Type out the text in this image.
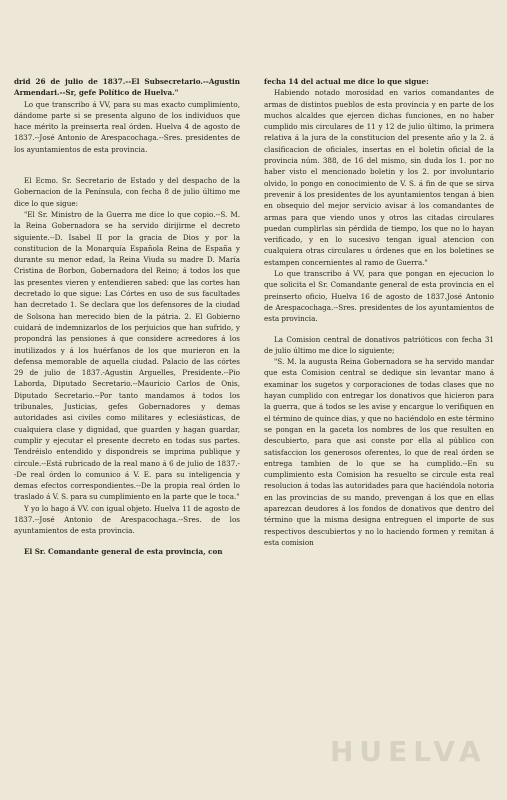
drid 26 de julio de 1837.--El Subsecretario.--Agustin Armendari.--Sr, gefe Político de Huelva."

Lo que transcribo á VV, para su mas exacto cumplimiento, dándome parte si se presenta alguno de los individuos que hace mérito la preinserta real órden. Huelva 4 de agosto de 1837.--José Antonio de Arespacochaga.--Sres. presidentes de los ayuntamientos de esta provincia.

El Ecmo. Sr. Secretario de Estado y del despacho de la Gobernacion de la Península, con fecha 8 de julio último me dice lo que sigue:

"El Sr. Ministro de la Guerra me dice lo que copio.--S. M. la Reina Gobernadora se ha servido dirijirme el decreto siguiente.--D. Isabel II por la gracia de Dios y por la constitucion de la Monarquía Española Reina de España y durante su menor edad, la Reina Viuda su madre D. María Cristina de Borbon, Gobernadora del Reino; á todos los que las presentes vieren y entendieren sabed: que las cortes han decretado lo que sigue: Las Córtes en uso de sus facultades han decretado 1. Se declara que los defensores de la ciudad de Solsona han merecido bien de la pátria. 2. El Gobierno cuidará de indemnizarlos de los perjuicios que han sufrido, y propondrá las pensiones á que considere acreedores á los inutilizados y á los huérfanos de los que murieron en la defensa memorable de aquella ciudad. Palacio de las córtes 29 de julio de 1837.-Agustin Arguelles, Presidente.--Pio Laborda, Diputado Secretario.--Mauricio Carlos de Onis, Diputado Secretario.--Por tanto mandamos á todos los tribunales, Justicias, gefes Gobernadores y demas autoridades asi civiles como militares y eclesiásticas, de cualquiera clase y dignidad, que guarden y hagan guardar, cumplir y ejecutar el presente decreto en todas sus partes. Tendréislo entendido y dispondreis se imprima publique y circule.--Está rubricado de la real mano á 6 de julio de 1837.--De real órden lo comunico á V. E. para su inteligencia y demas efectos correspondientes.--De la propia real órden lo traslado á V. S. para su cumplimiento en la parte que le toca."

Y yo lo hago á VV. con igual objeto. Huelva 11 de agosto de 1837.--José Antonio de Arespacochaga.--Sres. de los ayuntamientos de esta provincia.

El Sr. Comandante general de esta provincia, con

fecha 14 del actual me dice lo que sigue:

Habiendo notado morosidad en varios comandantes de armas de distintos pueblos de esta provincia y en parte de los muchos alcaldes que ejercen dichas funciones, en no haber cumplido mis circulares de 11 y 12 de julio último, la primera relativa á la jura de la constitucion del presente año y la 2. á clasificacion de oficiales, insertas en el boletin oficial de la provincia núm. 388, de 16 del mismo, sin duda los 1. por no haber visto el mencionado boletin y los 2. por involuntario olvido, lo pongo en conocimiento de V. S. á fin de que se sirva prevenir á los presidentes de los ayuntamientos tengan á bien en obsequio del mejor servicio avisar á los comandantes de armas para que viendo unos y otros las citadas circulares puedan cumplirlas sin pérdida de tiempo, los que no lo hayan verificado, y en lo sucesivo tengan igual atencion con cualquiera otras circulares u órdenes que en los boletines se estampen concernientes al ramo de Guerra."

Lo que transcribo á VV, para que pongan en ejecucion lo que solicita el Sr. Comandante general de esta provincia en el preinserto oficio, Huelva 16 de agosto de 1837.José Antonio de Arespacochaga.--Sres. presidentes de los ayuntamientos de esta provincia.

La Comision central de donativos patrióticos con fecha 31 de julio último me dice lo siguiente;

"S. M. la augusta Reina Gobernadora se ha servido mandar que esta Comision central se dedique sin levantar mano á examinar los sugetos y corporaciones de todas clases que no hayan cumplido con entregar los donativos que hicieron para la guerra, que á todos se les avise y encargue lo verifiquen en el término de quince dias, y que no haciéndolo en este término se pongan en la gaceta los nombres de los que resulten en descubierto, para que asi conste por ella al público con satisfaccion los generosos oferentes, lo que de real órden se entrega tambien de lo que se ha cumplido.--En su cumplimiento esta Comision ha resuelto se circule esta real resolucion á todas las autoridades para que haciéndola notoria en las provincias de su mando, prevengan á los que en ellas aparezcan deudores á los fondos de donativos que dentro del término que la misma designa entreguen el importe de sus respectivos descubiertos y no lo haciendo formen y remitan á esta comision

HUELVA
